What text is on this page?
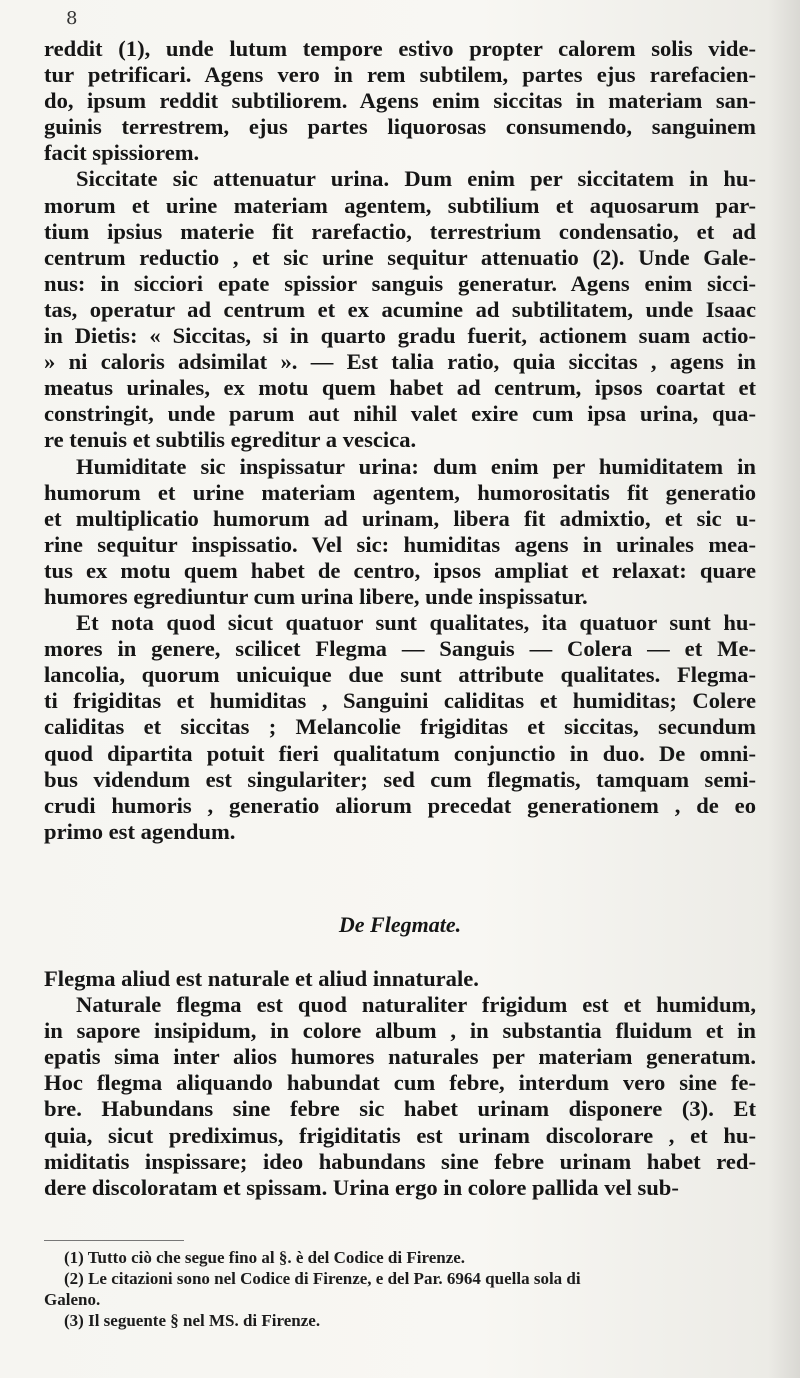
8
reddit (1), unde lutum tempore estivo propter calorem solis vide-
tur petrificari. Agens vero in rem subtilem, partes ejus rarefacien-
do, ipsum reddit subtiliorem. Agens enim siccitas in materiam san-
guinis terrestrem, ejus partes liquorosas consumendo, sanguinem
facit spissiorem.
Siccitate sic attenuatur urina. Dum enim per siccitatem in hu-
morum et urine materiam agentem, subtilium et aquosarum par-
tium ipsius materie fit rarefactio, terrestrium condensatio, et ad
centrum reductio , et sic urine sequitur attenuatio (2). Unde Gale-
nus: in sicciori epate spissior sanguis generatur. Agens enim sicci-
tas, operatur ad centrum et ex acumine ad subtilitatem, unde Isaac
in Dietis: « Siccitas, si in quarto gradu fuerit, actionem suam actio-
» ni caloris adsimilat ». — Est talia ratio, quia siccitas , agens in
meatus urinales, ex motu quem habet ad centrum, ipsos coartat et
constringit, unde parum aut nihil valet exire cum ipsa urina, qua-
re tenuis et subtilis egreditur a vescica.
Humiditate sic inspissatur urina: dum enim per humiditatem in
humorum et urine materiam agentem, humorositatis fit generatio
et multiplicatio humorum ad urinam, libera fit admixtio, et sic u-
rine sequitur inspissatio. Vel sic: humiditas agens in urinales mea-
tus ex motu quem habet de centro, ipsos ampliat et relaxat: quare
humores egrediuntur cum urina libere, unde inspissatur.
Et nota quod sicut quatuor sunt qualitates, ita quatuor sunt hu-
mores in genere, scilicet Flegma — Sanguis — Colera — et Me-
lancolia, quorum unicuique due sunt attribute qualitates. Flegma-
ti frigiditas et humiditas , Sanguini caliditas et humiditas; Colere
caliditas et siccitas ; Melancolie frigiditas et siccitas, secundum
quod dipartita potuit fieri qualitatum conjunctio in duo. De omni-
bus videndum est singulariter; sed cum flegmatis, tamquam semi-
crudi humoris , generatio aliorum precedat generationem , de eo
primo est agendum.
De Flegmate.
Flegma aliud est naturale et aliud innaturale.
Naturale flegma est quod naturaliter frigidum est et humidum,
in sapore insipidum, in colore album , in substantia fluidum et in
epatis sima inter alios humores naturales per materiam generatum.
Hoc flegma aliquando habundat cum febre, interdum vero sine fe-
bre. Habundans sine febre sic habet urinam disponere (3). Et
quia, sicut prediximus, frigiditatis est urinam discolorare , et hu-
miditatis inspissare; ideo habundans sine febre urinam habet red-
dere discoloratam et spissam. Urina ergo in colore pallida vel sub-
(1) Tutto ciò che segue fino al §. è del Codice di Firenze.
(2) Le citazioni sono nel Codice di Firenze, e del Par. 6964 quella sola di
Galeno.
(3) Il seguente § nel MS. di Firenze.
